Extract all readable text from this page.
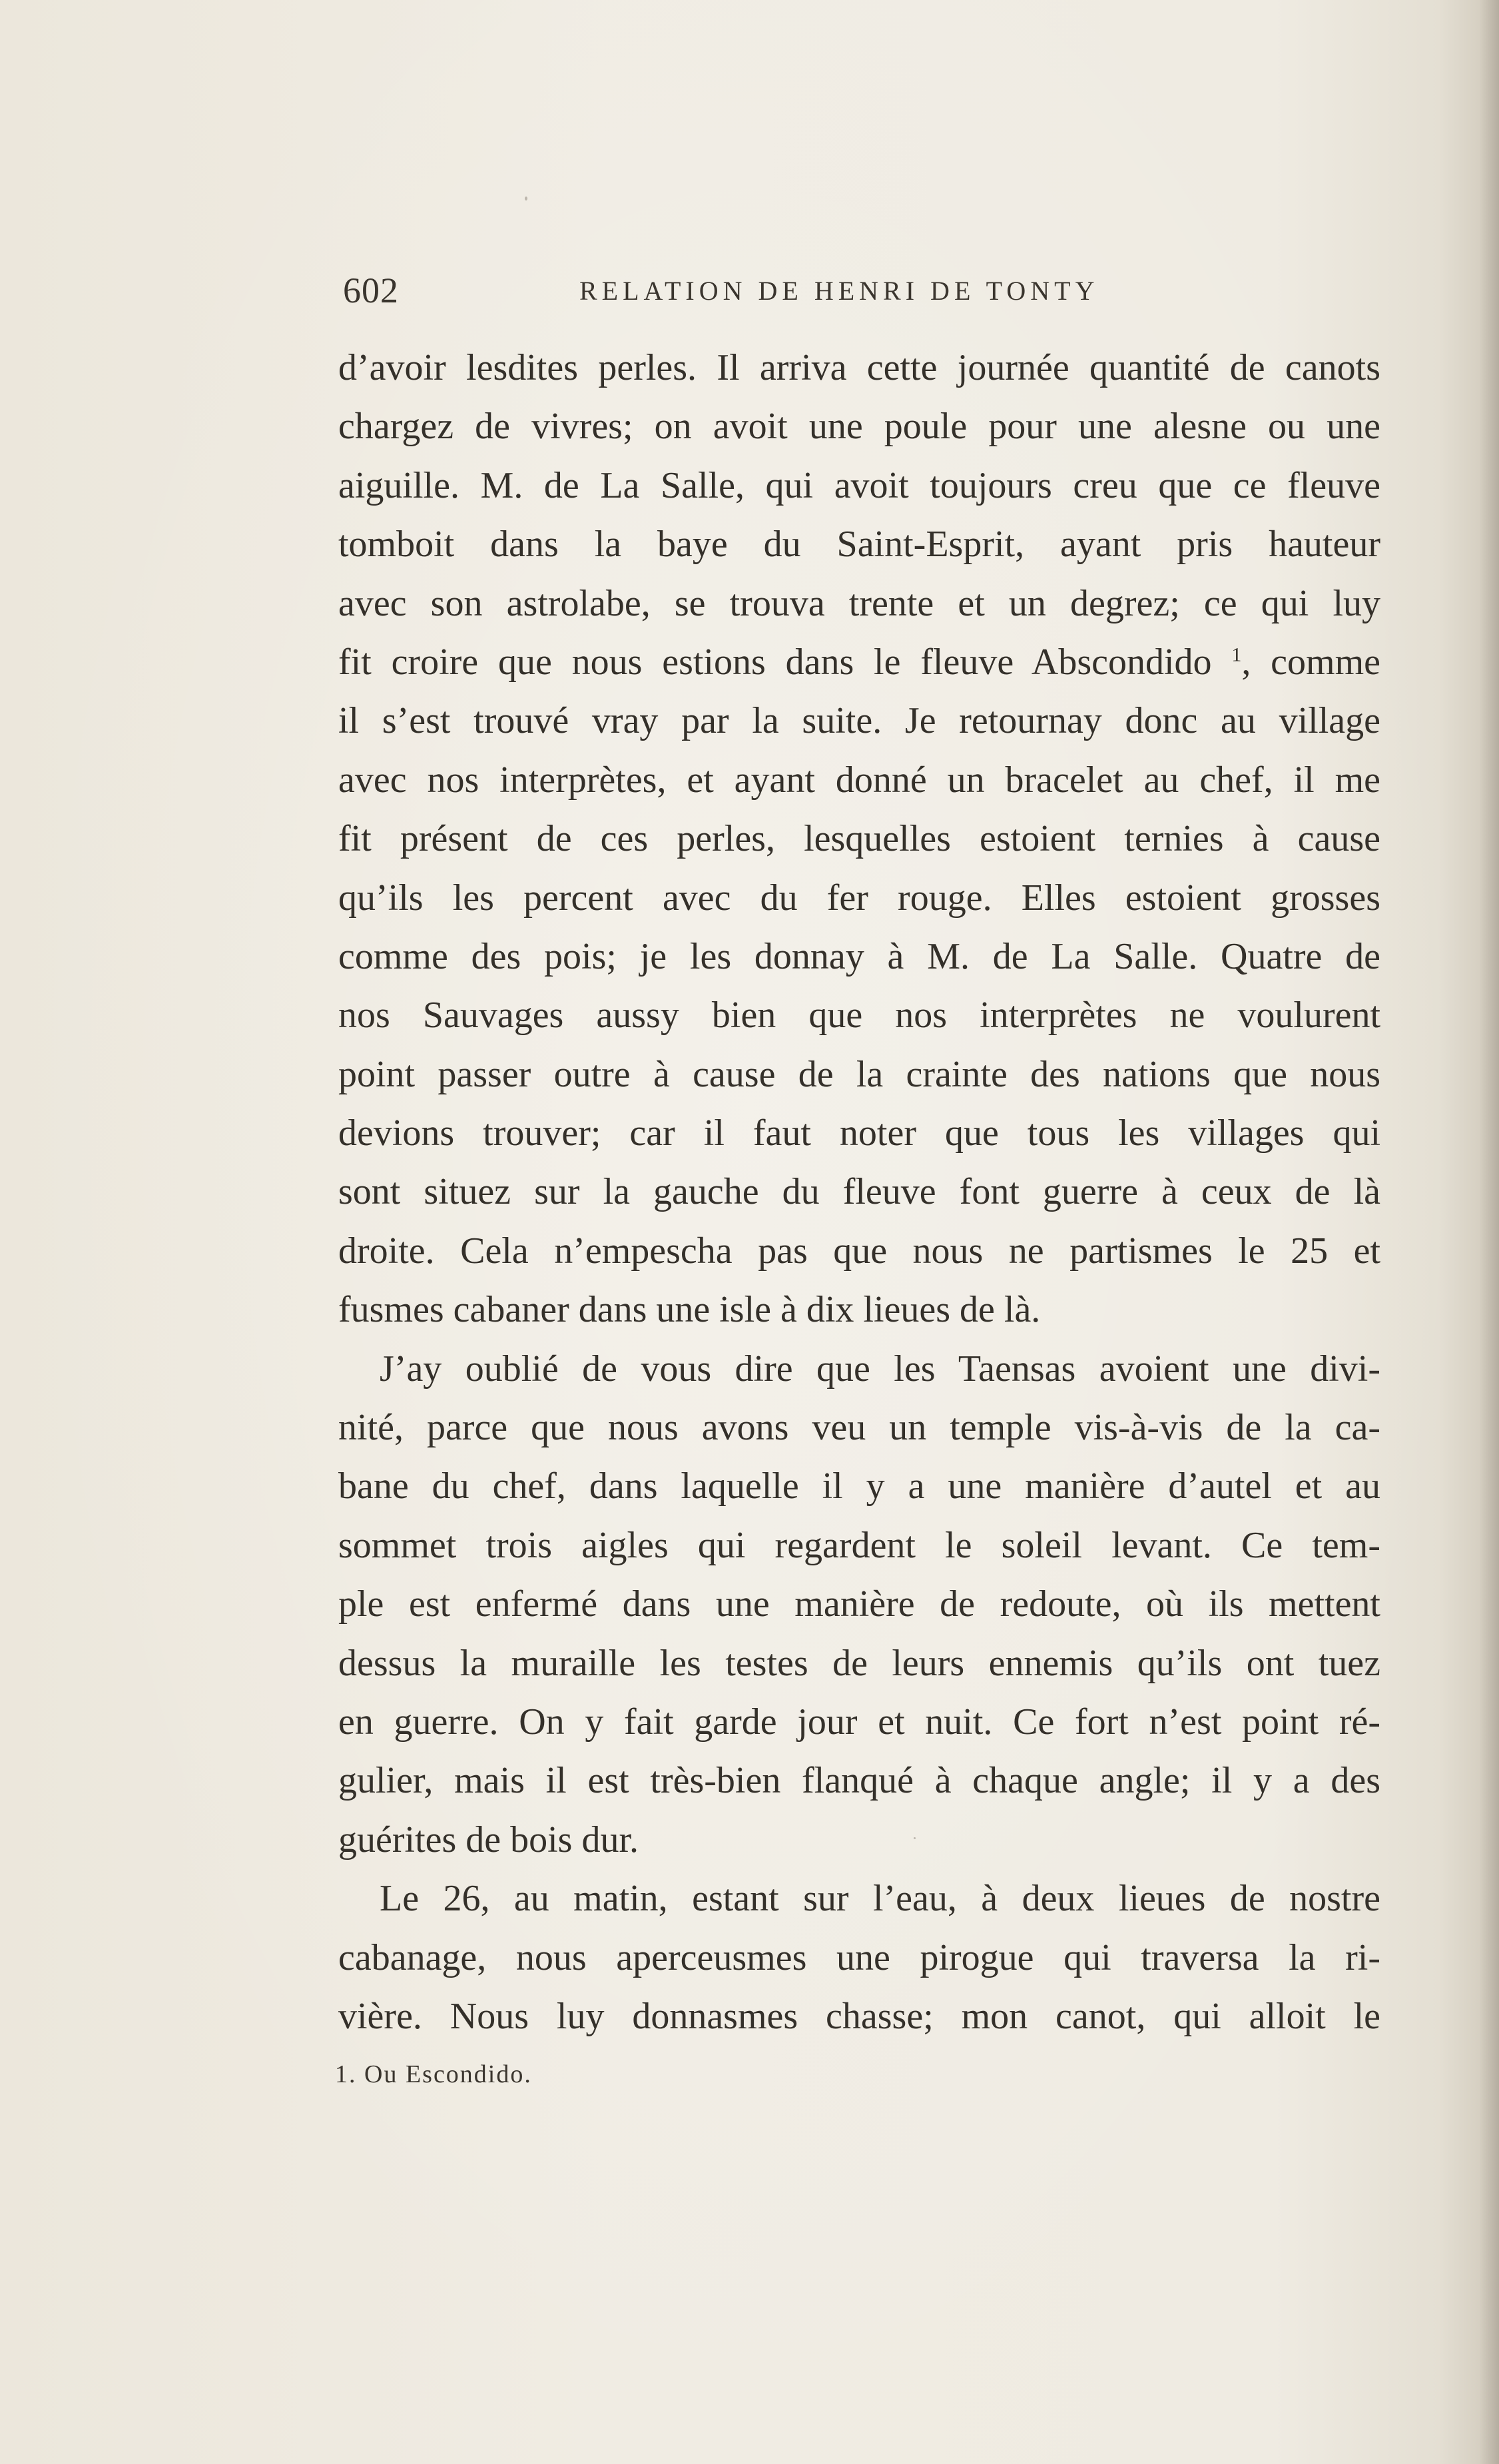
602	RELATION DE HENRI DE TONTY
d’avoir lesdites perles. Il arriva cette journée quantité de canots
chargez de vivres; on avoit une poule pour une alesne ou une
aiguille. M. de La Salle, qui avoit toujours creu que ce fleuve
tomboit dans la baye du Saint-Esprit, ayant pris hauteur
avec son astrolabe, se trouva trente et un degrez; ce qui luy
fit croire que nous estions dans le fleuve Abscondido $^1$, comme
il s’est trouvé vray par la suite. Je retournay donc au village
avec nos interprètes, et ayant donné un bracelet au chef, il me
fit présent de ces perles, lesquelles estoient ternies à cause
qu’ils les percent avec du fer rouge. Elles estoient grosses
comme des pois; je les donnay à M. de La Salle. Quatre de
nos Sauvages aussy bien que nos interprètes ne voulurent
point passer outre à cause de la crainte des nations que nous
devions trouver; car il faut noter que tous les villages qui
sont situez sur la gauche du fleuve font guerre à ceux de là
droite. Cela n’empescha pas que nous ne partismes le 25 et
fusmes cabaner dans une isle à dix lieues de là.
J’ay oublié de vous dire que les Taensas avoient une divi-
nité, parce que nous avons veu un temple vis-à-vis de la ca-
bane du chef, dans laquelle il y a une manière d’autel et au
sommet trois aigles qui regardent le soleil levant. Ce tem-
ple est enfermé dans une manière de redoute, où ils mettent
dessus la muraille les testes de leurs ennemis qu’ils ont tuez
en guerre. On y fait garde jour et nuit. Ce fort n’est point ré-
gulier, mais il est très-bien flanqué à chaque angle; il y a des
guérites de bois dur.
Le 26, au matin, estant sur l’eau, à deux lieues de nostre
cabanage, nous aperceusmes une pirogue qui traversa la ri-
vière. Nous luy donnasmes chasse; mon canot, qui alloit le
1. Ou Escondido.
